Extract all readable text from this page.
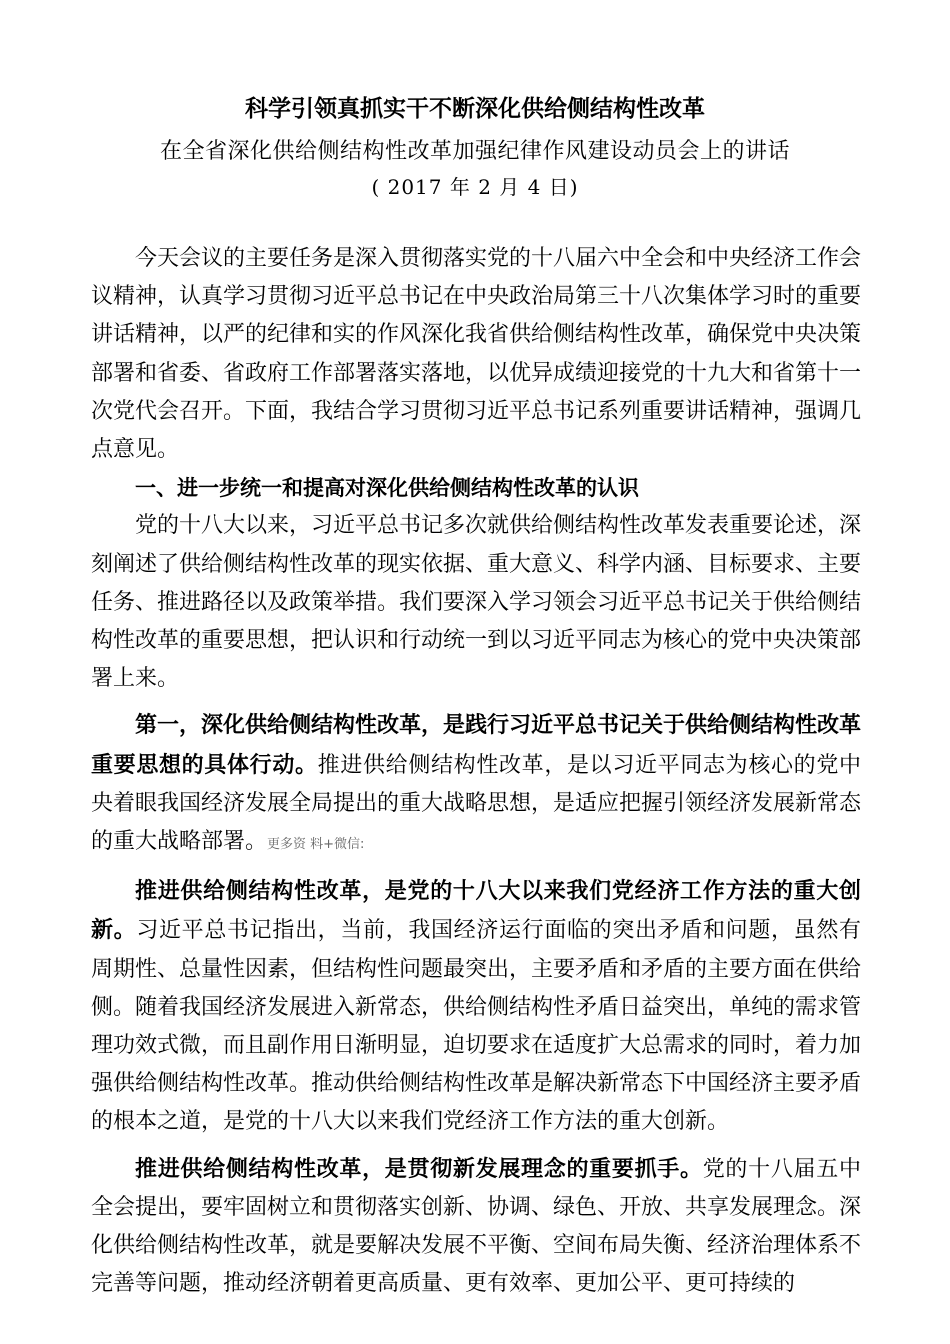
科学引领真抓实干不断深化供给侧结构性改革
在全省深化供给侧结构性改革加强纪律作风建设动员会上的讲话
( 2017 年 2 月 4 日)

今天会议的主要任务是深入贯彻落实党的十八届六中全会和中央经济工作会议精神，认真学习贯彻习近平总书记在中央政治局第三十八次集体学习时的重要讲话精神，以严的纪律和实的作风深化我省供给侧结构性改革，确保党中央决策部署和省委、省政府工作部署落实落地，以优异成绩迎接党的十九大和省第十一次党代会召开。下面，我结合学习贯彻习近平总书记系列重要讲话精神，强调几点意见。

一、进一步统一和提高对深化供给侧结构性改革的认识

党的十八大以来，习近平总书记多次就供给侧结构性改革发表重要论述，深刻阐述了供给侧结构性改革的现实依据、重大意义、科学内涵、目标要求、主要任务、推进路径以及政策举措。我们要深入学习领会习近平总书记关于供给侧结构性改革的重要思想，把认识和行动统一到以习近平同志为核心的党中央决策部署上来。

第一，深化供给侧结构性改革，是践行习近平总书记关于供给侧结构性改革重要思想的具体行动。推进供给侧结构性改革，是以习近平同志为核心的党中央着眼我国经济发展全局提出的重大战略思想，是适应把握引领经济发展新常态的重大战略部署。更多资 料+微信:

推进供给侧结构性改革，是党的十八大以来我们党经济工作方法的重大创新。习近平总书记指出，当前，我国经济运行面临的突出矛盾和问题，虽然有周期性、总量性因素，但结构性问题最突出，主要矛盾和矛盾的主要方面在供给侧。随着我国经济发展进入新常态，供给侧结构性矛盾日益突出，单纯的需求管理功效式微，而且副作用日渐明显，迫切要求在适度扩大总需求的同时，着力加强供给侧结构性改革。推动供给侧结构性改革是解决新常态下中国经济主要矛盾的根本之道，是党的十八大以来我们党经济工作方法的重大创新。

推进供给侧结构性改革，是贯彻新发展理念的重要抓手。党的十八届五中全会提出，要牢固树立和贯彻落实创新、协调、绿色、开放、共享发展理念。深化供给侧结构性改革，就是要解决发展不平衡、空间布局失衡、经济治理体系不完善等问题，推动经济朝着更高质量、更有效率、更加公平、更可持续的
